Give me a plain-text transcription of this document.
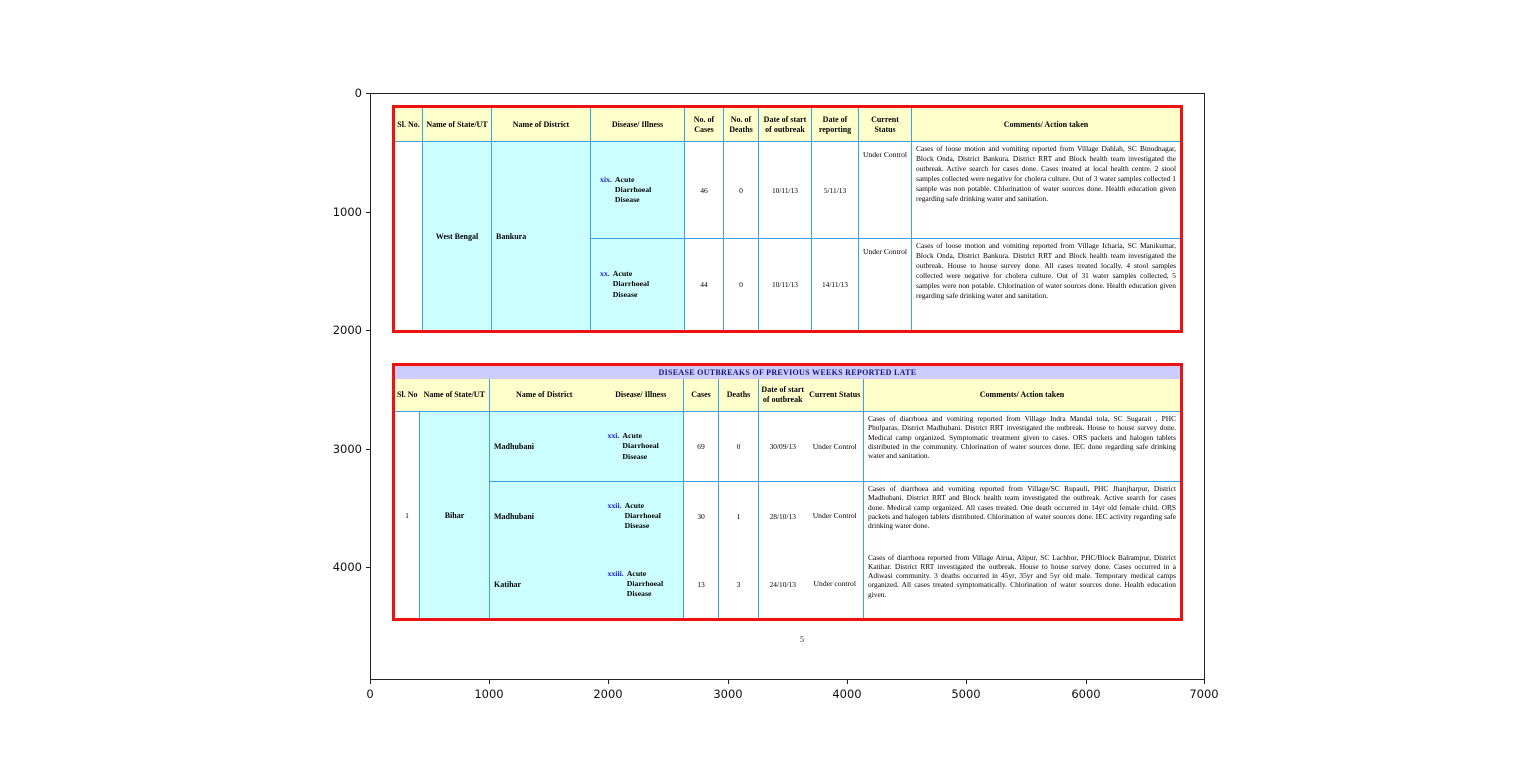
0	1000	2000	3000	4000	5000	6000	7000
0
1000
2000
3000
4000
Sl. No.	Name of State/UT	Name of District	Disease/ Illness	No. of Cases	No. of Deaths	Date of start of outbreak	Date of reporting	Current Status	Comments/ Action taken
	West Bengal	Bankura	xix. Acute Diarrhoeal Disease	46	0	10/11/13	5/11/13	Under Control	Cases of loose motion and vomiting reported from Village Dahlah, SC Binodnagar, Block Onda, District Bankura. District RRT and Block health team investigated the outbreak. Active search for cases done. Cases treated at local health centre. 2 stool samples collected were negative for cholera culture. Out of 3 water samples collected 1 sample was non potable. Chlorination of water sources done. Health education given regarding safe drinking water and sanitation.

			xx. Acute Diarrhoeal Disease	44	0	10/11/13	14/11/13	Under Control	Cases of loose motion and vomiting reported from Village Icharia, SC Manikumar, Block Onda, District Bankura. District RRT and Block health team investigated the outbreak. House to house survey done. All cases treated locally. 4 stool samples collected were negative for cholera culture. Out of 31 water samples collected, 5 samples were non potable. Chlorination of water sources done. Health education given regarding safe drinking water and sanitation.
DISEASE OUTBREAKS OF PREVIOUS WEEKS REPORTED LATE								
Sl. No	Name of State/UT	Name of District	Disease/ Illness	Cases	Deaths	Date of start of outbreak	Current Status	Comments/ Action taken
1	Bihar	Madhubani	xxi. Acute Diarrhoeal Disease	69	0	30/09/13	Under Control	Cases of diarrhoea and vomiting reported from Village Indra Mandal tola, SC Sugarait , PHC Phulparas, District Madhubani. District RRT investigated the outbreak. House to house survey done. Medical camp organized. Symptomatic treatment given to cases. ORS packets and halogen tablets distributed in the community. Chlorination of water sources done. IEC done regarding safe drinking water and sanitation.
		Madhubani	xxii. Acute Diarrhoeal Disease	30	1	28/10/13	Under Control	Cases of diarrhoea and vomiting reported from Village/SC Rupauli, PHC Jhanjharpur, District Madhubani. District RRT and Block health team investigated the outbreak. Active search for cases done. Medical camp organized. All cases treated. One death occurred in 14yr old female child. ORS packets and halogen tablets distributed. Chlorination of water sources done. IEC activity regarding safe drinking water done.
		Katihar	xxiii. Acute Diarrhoeal Disease	13	3	24/10/13	Under control	Cases of diarrhoea reported from Village Airua, Alipur, SC Lachhor, PHC/Block Balrampur, District Katihar. District RRT investigated the outbreak. House to house survey done. Cases occurred in a Adiwasi community. 3 deaths occurred in 45yr, 35yr and 5yr old male. Temporary medical camps organized. All cases treated symptomatically. Chlorination of water sources done. Health education given.
5
